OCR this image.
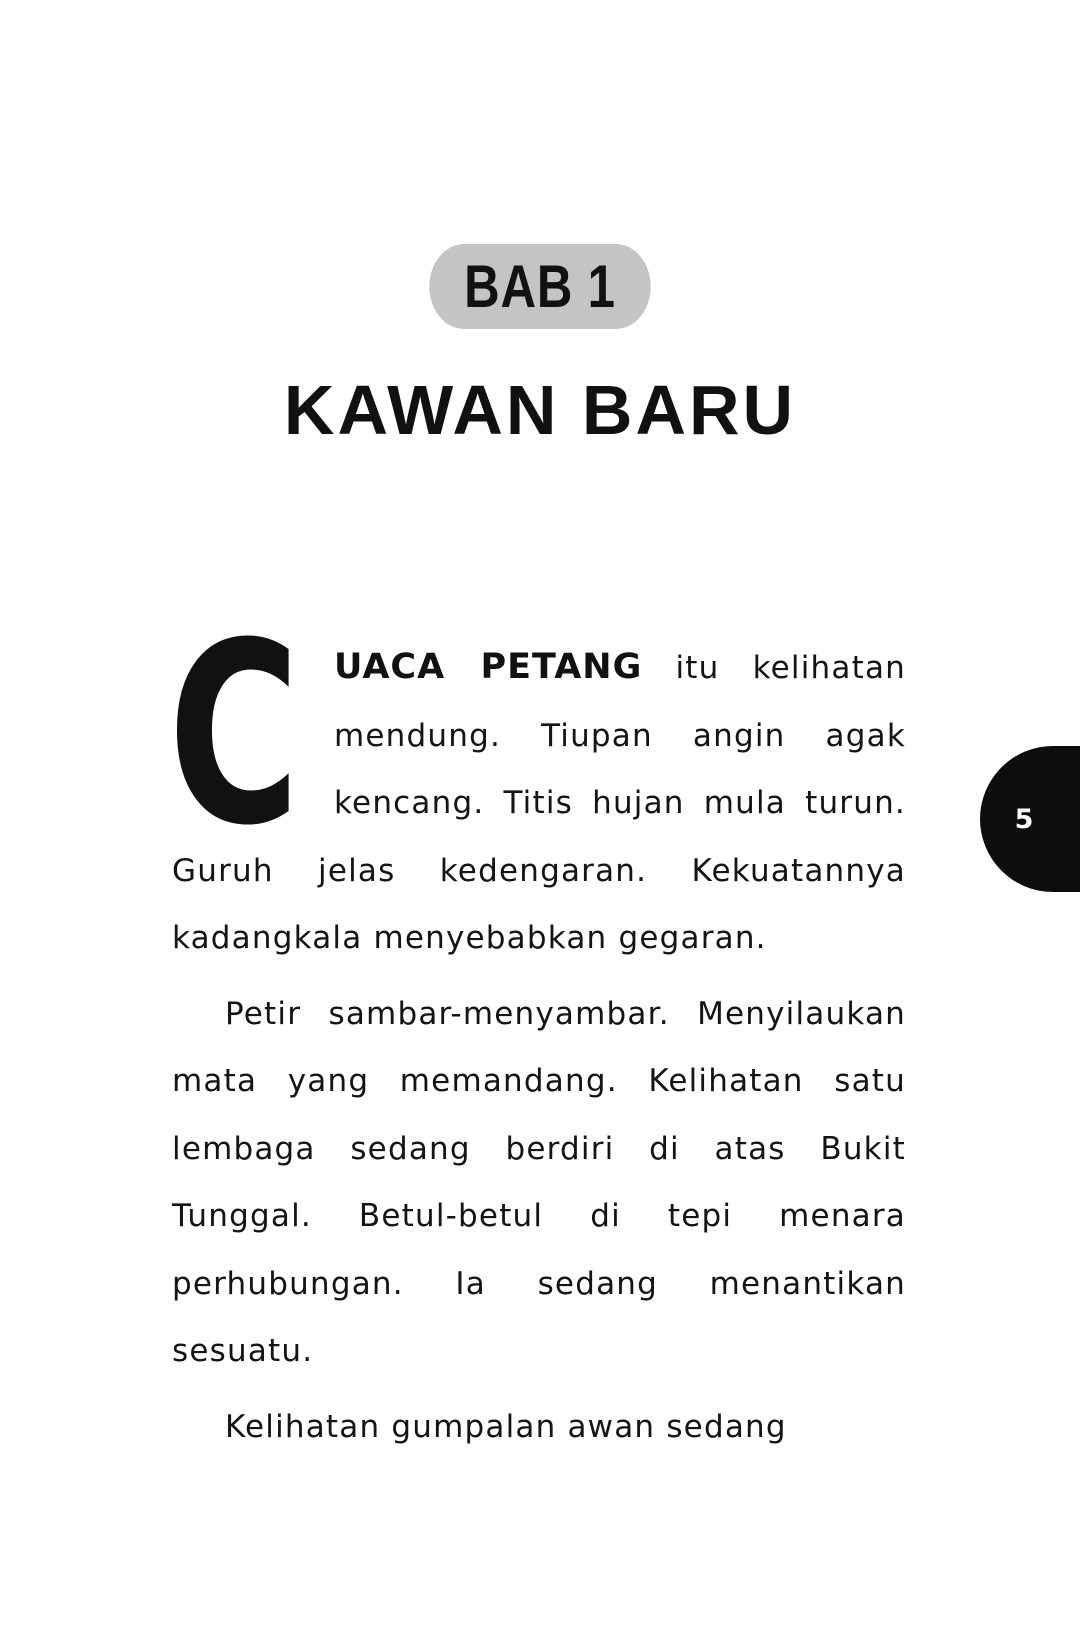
BAB 1
KAWAN BARU

CUACA PETANG itu kelihatan mendung. Tiupan angin agak kencang. Titis hujan mula turun. Guruh jelas kedengaran. Kekuatannya kadangkala menyebabkan gegaran.

Petir sambar-menyambar. Menyilaukan mata yang memandang. Kelihatan satu lembaga sedang berdiri di atas Bukit Tunggal. Betul-betul di tepi menara perhubungan. Ia sedang menantikan sesuatu.

Kelihatan gumpalan awan sedang

5
